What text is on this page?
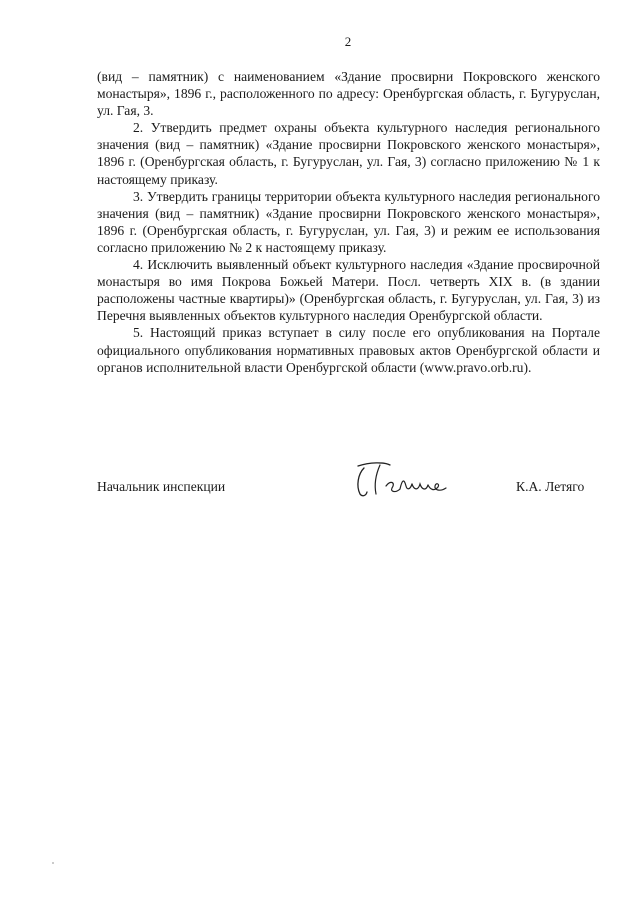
2

(вид – памятник) с наименованием «Здание просвирни Покровского женского монастыря», 1896 г., расположенного по адресу: Оренбургская область, г. Бугуруслан, ул. Гая, 3.

2. Утвердить предмет охраны объекта культурного наследия регионального значения (вид – памятник) «Здание просвирни Покровского женского монастыря», 1896 г. (Оренбургская область, г. Бугуруслан, ул. Гая, 3) согласно приложению № 1 к настоящему приказу.

3. Утвердить границы территории объекта культурного наследия регионального значения (вид – памятник) «Здание просвирни Покровского женского монастыря», 1896 г. (Оренбургская область, г. Бугуруслан, ул. Гая, 3) и режим ее использования согласно приложению № 2 к настоящему приказу.

4. Исключить выявленный объект культурного наследия «Здание просвирочной монастыря во имя Покрова Божьей Матери. Посл. четверть XIX в. (в здании расположены частные квартиры)» (Оренбургская область, г. Бугуруслан, ул. Гая, 3) из Перечня выявленных объектов культурного наследия Оренбургской области.

5. Настоящий приказ вступает в силу после его опубликования на Портале официального опубликования нормативных правовых актов Оренбургской области и органов исполнительной власти Оренбургской области (www.pravo.orb.ru).

Начальник инспекции	К.А. Летяго
